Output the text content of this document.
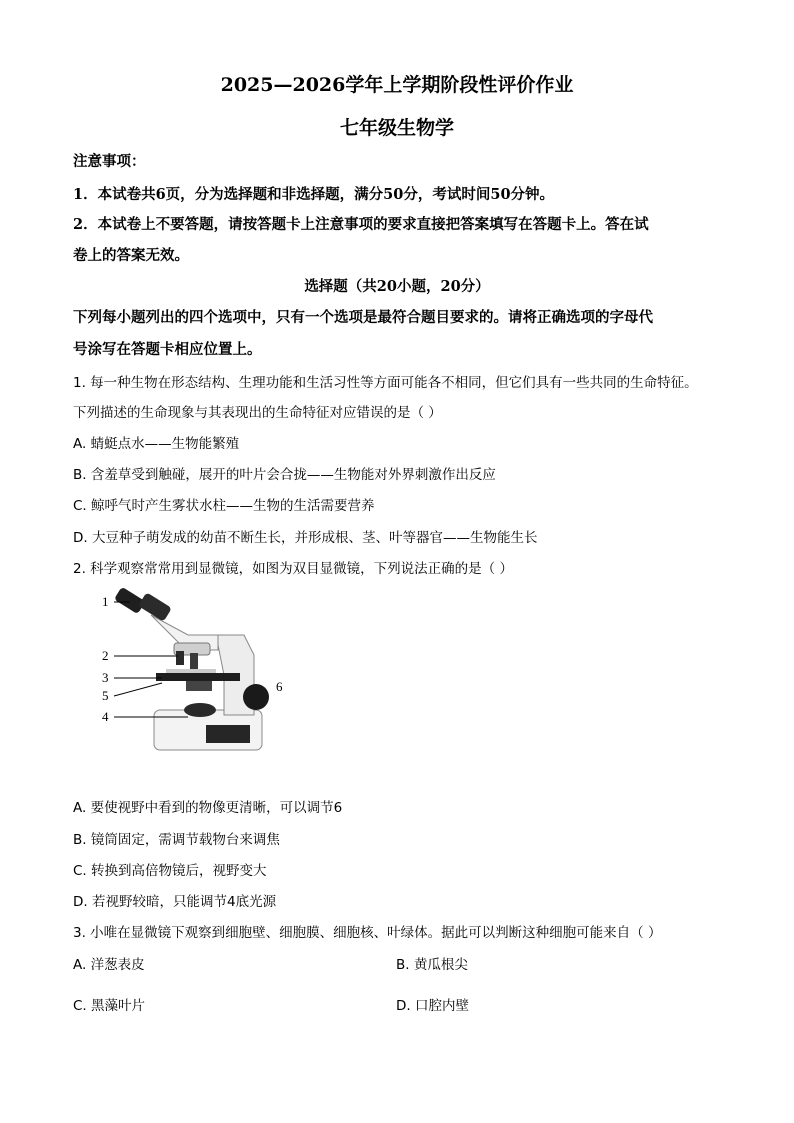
2025—2026学年上学期阶段性评价作业
七年级生物学
注意事项：
1．本试卷共6页，分为选择题和非选择题，满分50分，考试时间50分钟。
2．本试卷上不要答题，请按答题卡上注意事项的要求直接把答案填写在答题卡上。答在试
卷上的答案无效。
选择题（共20小题，20分）
下列每小题列出的四个选项中，只有一个选项是最符合题目要求的。请将正确选项的字母代
号涂写在答题卡相应位置上。
1. 每一种生物在形态结构、生理功能和生活习性等方面可能各不相同，但它们具有一些共同的生命特征。
下列描述的生命现象与其表现出的生命特征对应错误的是（ ）
A. 蜻蜓点水——生物能繁殖
B. 含羞草受到触碰，展开的叶片会合拢——生物能对外界刺激作出反应
C. 鲸呼气时产生雾状水柱——生物的生活需要营养
D. 大豆种子萌发成的幼苗不断生长，并形成根、茎、叶等器官——生物能生长
2. 科学观察常常用到显微镜，如图为双目显微镜，下列说法正确的是（ ）
1
2
3
5
4
6
A. 要使视野中看到的物像更清晰，可以调节6
B. 镜筒固定，需调节载物台来调焦
C. 转换到高倍物镜后，视野变大
D. 若视野较暗，只能调节4底光源
3. 小唯在显微镜下观察到细胞壁、细胞膜、细胞核、叶绿体。据此可以判断这种细胞可能来自（ ）
A. 洋葱表皮	B. 黄瓜根尖
C. 黑藻叶片	D. 口腔内壁
